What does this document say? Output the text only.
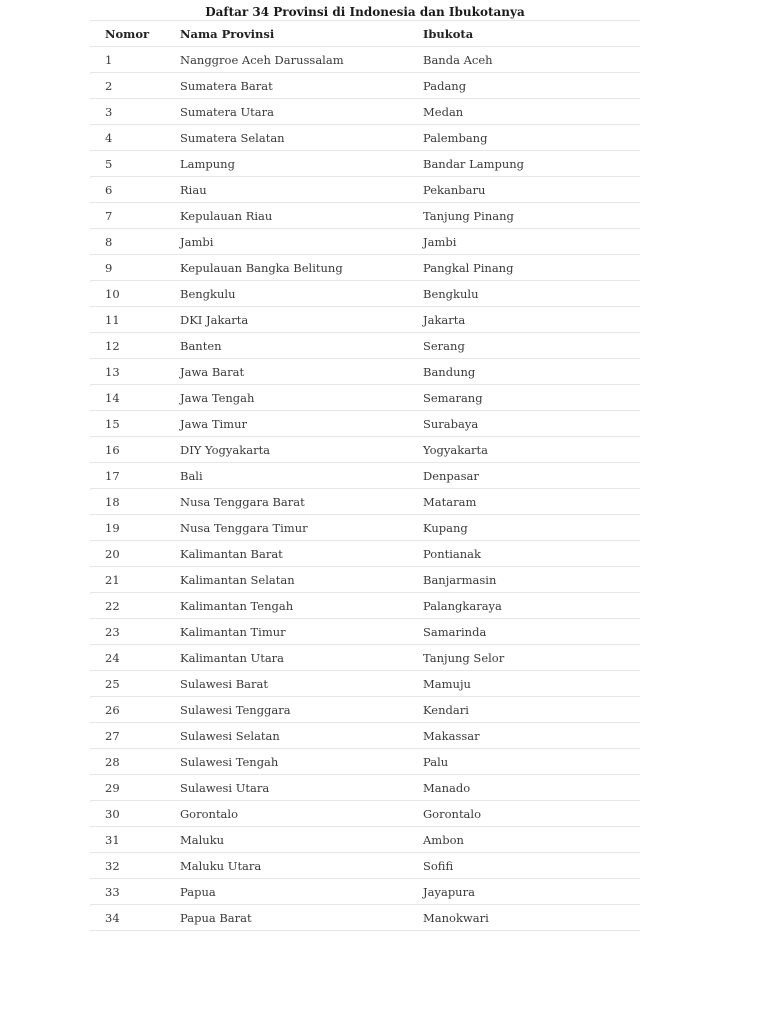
Daftar 34 Provinsi di Indonesia dan Ibukotanya
Nomor	Nama Provinsi	Ibukota
1	Nanggroe Aceh Darussalam	Banda Aceh
2	Sumatera Barat	Padang
3	Sumatera Utara	Medan
4	Sumatera Selatan	Palembang
5	Lampung	Bandar Lampung
6	Riau	Pekanbaru
7	Kepulauan Riau	Tanjung Pinang
8	Jambi	Jambi
9	Kepulauan Bangka Belitung	Pangkal Pinang
10	Bengkulu	Bengkulu
11	DKI Jakarta	Jakarta
12	Banten	Serang
13	Jawa Barat	Bandung
14	Jawa Tengah	Semarang
15	Jawa Timur	Surabaya
16	DIY Yogyakarta	Yogyakarta
17	Bali	Denpasar
18	Nusa Tenggara Barat	Mataram
19	Nusa Tenggara Timur	Kupang
20	Kalimantan Barat	Pontianak
21	Kalimantan Selatan	Banjarmasin
22	Kalimantan Tengah	Palangkaraya
23	Kalimantan Timur	Samarinda
24	Kalimantan Utara	Tanjung Selor
25	Sulawesi Barat	Mamuju
26	Sulawesi Tenggara	Kendari
27	Sulawesi Selatan	Makassar
28	Sulawesi Tengah	Palu
29	Sulawesi Utara	Manado
30	Gorontalo	Gorontalo
31	Maluku	Ambon
32	Maluku Utara	Sofifi
33	Papua	Jayapura
34	Papua Barat	Manokwari
